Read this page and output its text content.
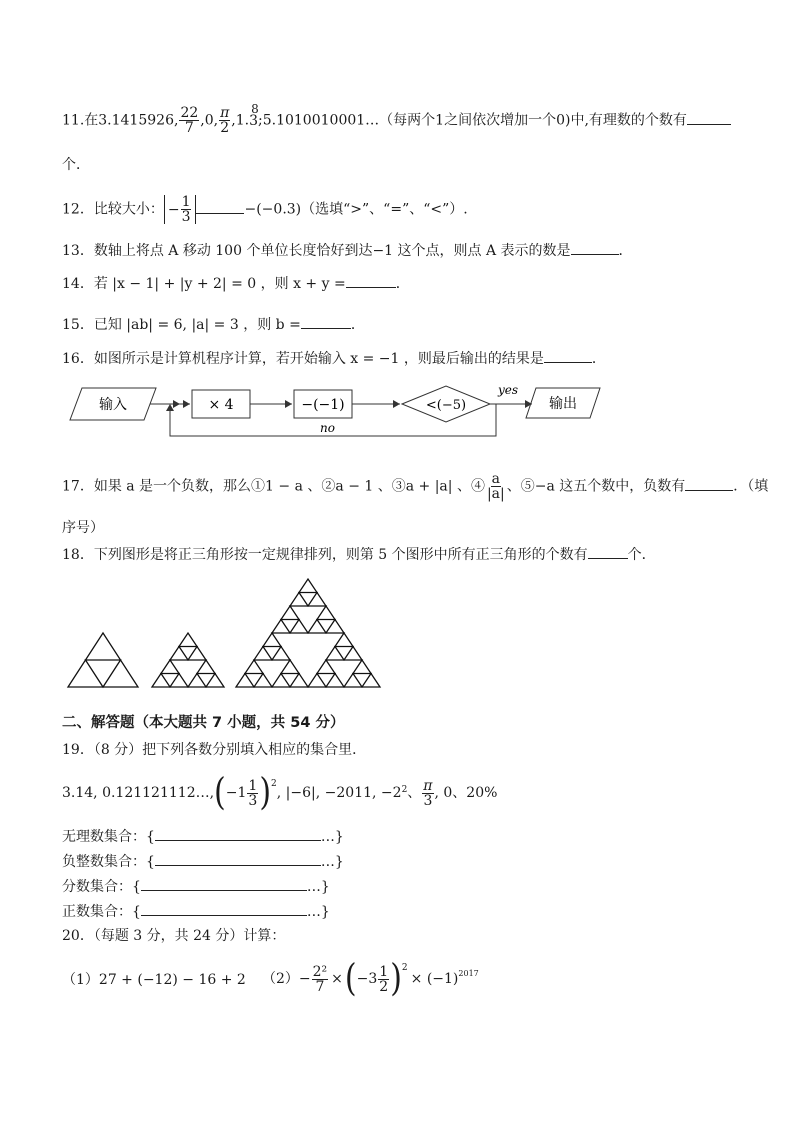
11.在3.1415926, $\frac{22}{7} ,0$, $\frac{\pi}{2} ,1.3$
8
;5.1010010001…（每两个1之间依次增加一个0)中,有理数的个数有
个．
12．比较大小： − $\frac{1}{3}$	−(−0.3)（选填“>”、“=”、“<”）.
13．数轴上将点 A 移动 100 个单位长度恰好到达−1 这个点，则点 A 表示的数是	．
14．若 |x − 1| + |y + 2| = 0 ，则 x + y =	．
15．已知 |ab| = 6, |a| = 3 ，则 b =	．
16．如图所示是计算机程序计算，若开始输入 x = −1 ，则最后输出的结果是	．
输入	× 4	−(−1)	<(−5)
yes
输出
no
17．如果 a 是一个负数，那么①1 − a 、②a − 1 、③a + |a| 、④ $\frac{a}{|a|}$ 、⑤−a 这五个数中，负数有	．（填
序号）
18．下列图形是将正三角形按一定规律排列，则第 5 个图形中所有正三角形的个数有	个．
二、解答题（本大题共 7 小题，共 54 分）
19．（8 分）把下列各数分别填入相应的集合里．
3.14, 0.121121112…, ( $-1 \frac{1}{3} )^2$
, |−6|, −2011, $-2^2$ 、 $\frac{\pi}{3}$ , 0、20%
无理数集合：{	…}
负整数集合：{	…}
分数集合：{	…}
正数集合：{	…}
20．（每题 3 分，共 24 分）计算：
（1）27 + (−12) − 16 + 2 $(2)- \frac{\text{2²}}{7}$ × ( $-3 \frac{1}{2} )^2$
× $(-1)^{2017}$
